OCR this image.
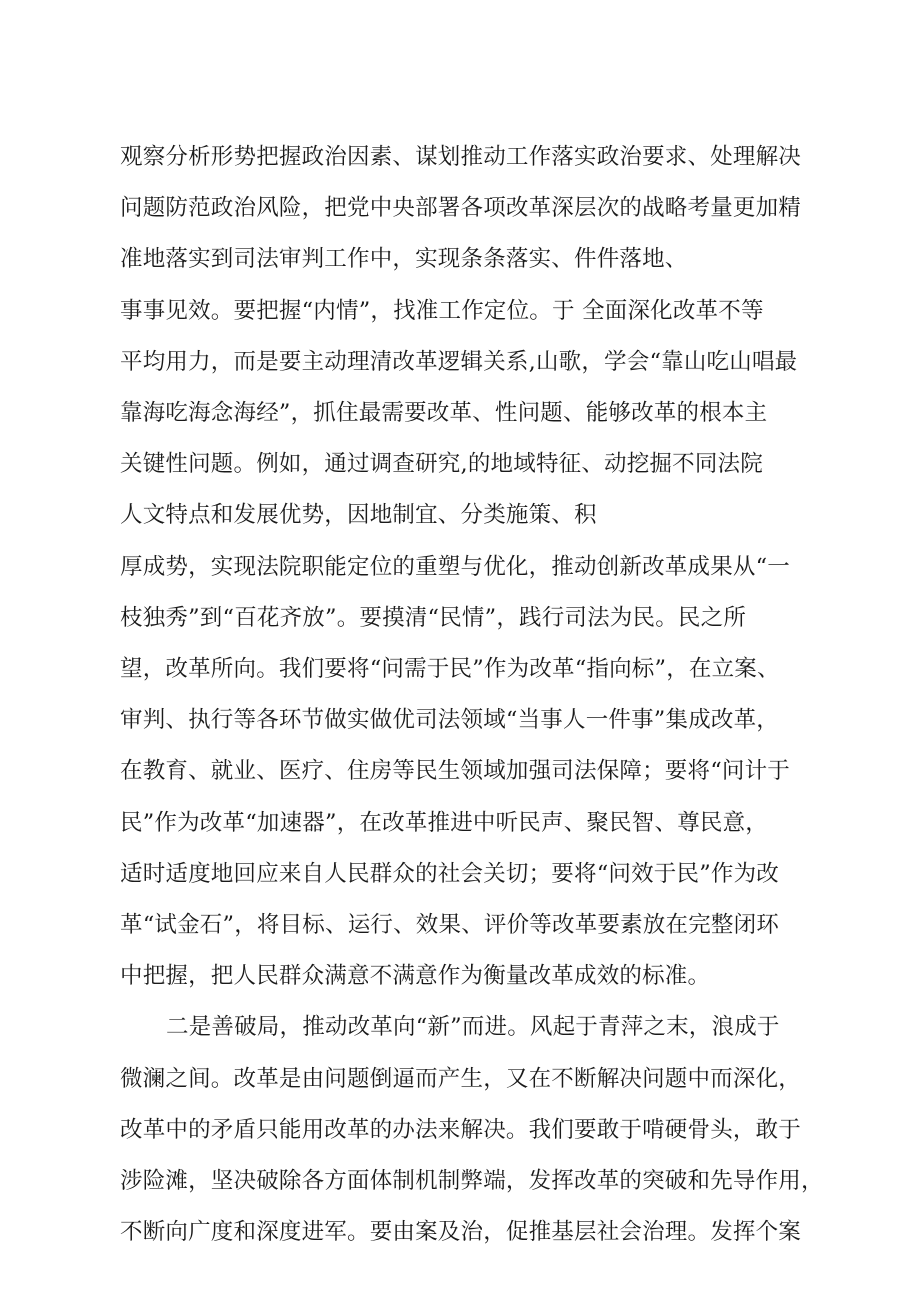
观察分析形势把握政治因素、谋划推动工作落实政治要求、处理解决
问题防范政治风险，把党中央部署各项改革深层次的战略考量更加精
准地落实到司法审判工作中，实现条条落实、件件落地、
事事见效。要把握“内情”，找准工作定位。于 全面深化改革不等
平均用力，而是要主动理清改革逻辑关系,山歌，学会“靠山吃山唱最
靠海吃海念海经”，抓住最需要改革、性问题、能够改革的根本主
关键性问题。例如，通过调查研究,的地域特征、动挖掘不同法院
人文特点和发展优势，因地制宜、分类施策、积
厚成势，实现法院职能定位的重塑与优化，推动创新改革成果从“一
枝独秀”到“百花齐放”。要摸清“民情”，践行司法为民。民之所
望，改革所向。我们要将“问需于民”作为改革“指向标”，在立案、
审判、执行等各环节做实做优司法领域“当事人一件事”集成改革，
在教育、就业、医疗、住房等民生领域加强司法保障；要将“问计于
民”作为改革“加速器”，在改革推进中听民声、聚民智、尊民意，
适时适度地回应来自人民群众的社会关切；要将“问效于民”作为改
革“试金石”，将目标、运行、效果、评价等改革要素放在完整闭环
中把握，把人民群众满意不满意作为衡量改革成效的标准。
二是善破局，推动改革向“新”而进。风起于青萍之末，浪成于
微澜之间。改革是由问题倒逼而产生，又在不断解决问题中而深化，
改革中的矛盾只能用改革的办法来解决。我们要敢于啃硬骨头，敢于
涉险滩，坚决破除各方面体制机制弊端，发挥改革的突破和先导作用，
不断向广度和深度进军。要由案及治，促推基层社会治理。发挥个案
